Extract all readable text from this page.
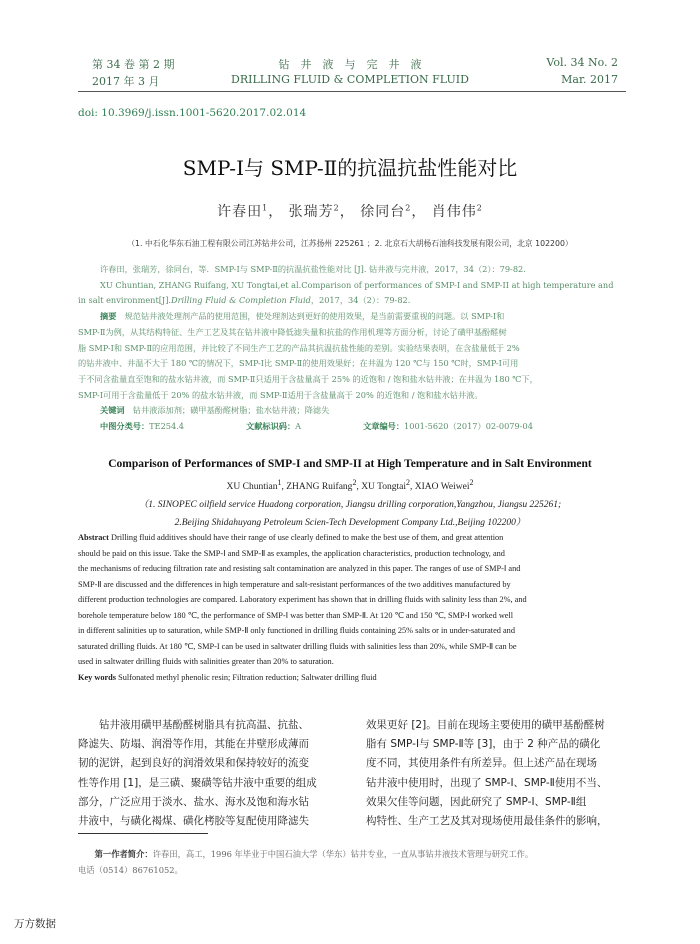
第 34 卷 第 2 期
2017 年 3 月
钻　井　液　与　完　井　液
DRILLING FLUID & COMPLETION FLUID
Vol. 34 No. 2
Mar. 2017
doi: 10.3969/j.issn.1001-5620.2017.02.014
SMP-Ⅰ与 SMP-Ⅱ的抗温抗盐性能对比
许春田$^1$， 张瑞芳$^2$， 徐同台$^2$， 肖伟伟$^2$
（1. 中石化华东石油工程有限公司江苏钻井公司，江苏扬州 225261 ；2. 北京石大胡杨石油科技发展有限公司，北京 102200）

许春田，张瑞芳，徐同台，等．SMP-Ⅰ与 SMP-Ⅱ的抗温抗盐性能对比 [J]. 钻井液与完井液，2017，34（2）：79-82.

XU Chuntian, ZHANG Ruifang, XU Tongtai,et al.Comparison of performances of SMP-I and SMP-II at high temperature and

in salt environment[J].Drilling Fluid & Completion Fluid，2017，34（2）：79-82.

摘要　 规范钻井液处理剂产品的使用范围，使处理剂达到更好的使用效果，是当前需要重视的问题。以 SMP-Ⅰ和

SMP-Ⅱ为例，从其结构特征、生产工艺及其在钻井液中降低滤失量和抗盐的作用机理等方面分析，讨论了磺甲基酚醛树

脂 SMP-Ⅰ和 SMP-Ⅱ的应用范围，并比较了不同生产工艺的产品其抗温抗盐性能的差别。实验结果表明，在含盐量低于 2%

的钻井液中、井温不大于 180 ℃的情况下，SMP-Ⅰ比 SMP-Ⅱ的使用效果好；在井温为 120 ℃与 150 ℃时，SMP-Ⅰ可用

于不同含盐量直至饱和的盐水钻井液，而 SMP-Ⅱ只适用于含盐量高于 25% 的近饱和 / 饱和盐水钻井液；在井温为 180 ℃下，

SMP-Ⅰ可用于含盐量低于 20% 的盐水钻井液，而 SMP-Ⅱ适用于含盐量高于 20% 的近饱和 / 饱和盐水钻井液。

关键词　 钻井液添加剂；磺甲基酚醛树脂；盐水钻井液；降滤失

中图分类号：TE254.4	文献标识码：A	文章编号：1001-5620（2017）02-0079-04

Comparison of Performances of SMP-I and SMP-II at High Temperature and in Salt Environment
XU Chuntian$^1$, ZHANG Ruifang$^2$, XU Tongtai$^2$, XIAO Weiwei$^2$
（1. SINOPEC oilfield service Huadong corporation, Jiangsu drilling corporation,Yangzhou, Jiangsu 225261;
2.Beijing Shidahuyang Petroleum Scien-Tech Development Company Ltd.,Beijing 102200）

Abstract Drilling fluid additives should have their range of use clearly defined to make the best use of them, and great attention

should be paid on this issue. Take the SMP-Ⅰ and SMP-Ⅱ as examples, the application characteristics, production technology, and

the mechanisms of reducing filtration rate and resisting salt contamination are analyzed in this paper. The ranges of use of SMP-Ⅰ and

SMP-Ⅱ are discussed and the differences in high temperature and salt-resistant performances of the two additives manufactured by

different production technologies are compared. Laboratory experiment has shown that in drilling fluids with salinity less than 2%, and

borehole temperature below 180 ℃, the performance of SMP-Ⅰ was better than SMP-Ⅱ. At 120 ℃ and 150 ℃, SMP-Ⅰ worked well

in different salinities up to saturation, while SMP-Ⅱ only functioned in drilling fluids containing 25% salts or in under-saturated and

saturated drilling fluids. At 180 ℃, SMP-I can be used in saltwater drilling fluids with salinities less than 20%, while SMP-Ⅱ can be

used in saltwater drilling fluids with salinities greater than 20% to saturation.

Key words Sulfonated methyl phenolic resin; Filtration reduction; Saltwater drilling fluid

　　钻井液用磺甲基酚醛树脂具有抗高温、抗盐、
降滤失、防塌、润滑等作用，其能在井壁形成薄而
韧的泥饼，起到良好的润滑效果和保持较好的流变
性等作用 [1]，是三磺、聚磺等钻井液中重要的组成
部分，广泛应用于淡水、盐水、海水及饱和海水钻
井液中，与磺化褐煤、磺化栲胶等复配使用降滤失
效果更好 [2]。目前在现场主要使用的磺甲基酚醛树
脂有 SMP-Ⅰ与 SMP-Ⅱ等 [3]，由于 2 种产品的磺化
度不同，其使用条件有所差异。但上述产品在现场
钻井液中使用时，出现了 SMP-Ⅰ、SMP-Ⅱ使用不当、
效果欠佳等问题，因此研究了 SMP-Ⅰ、SMP-Ⅱ组
构特性、生产工艺及其对现场使用最佳条件的影响，
　　第一作者简介：许春田，高工，1996 年毕业于中国石油大学（华东）钻井专业，一直从事钻井液技术管理与研究工作。
电话（0514）86761052。
万方数据
